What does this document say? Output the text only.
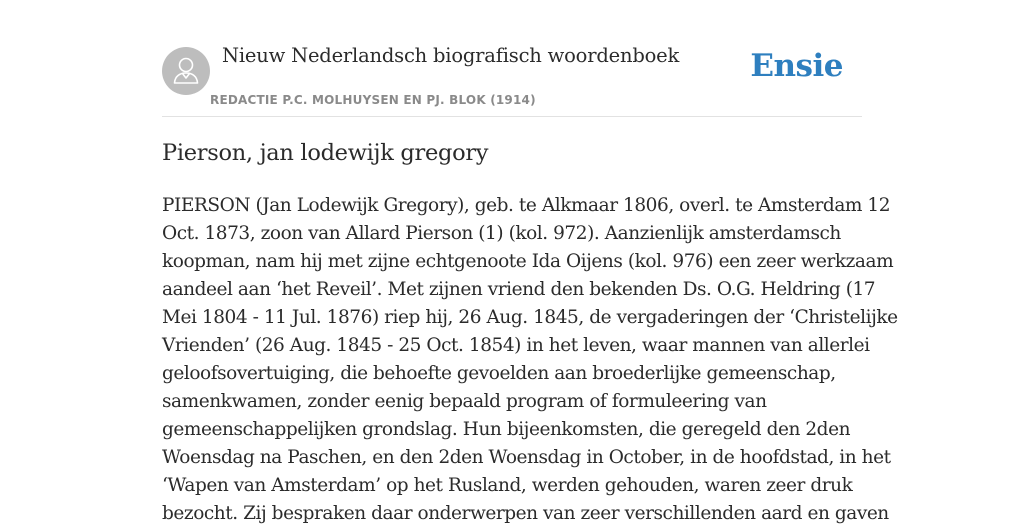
Nieuw Nederlandsch biografisch woordenboek
REDACTIE P.C. MOLHUYSEN EN PJ. BLOK (1914)
Ensie
Pierson, jan lodewijk gregory
PIERSON (Jan Lodewijk Gregory), geb. te Alkmaar 1806, overl. te Amsterdam 12
Oct. 1873, zoon van Allard Pierson (1) (kol. 972). Aanzienlijk amsterdamsch
koopman, nam hij met zijne echtgenoote Ida Oijens (kol. 976) een zeer werkzaam
aandeel aan ‘het Reveil’. Met zijnen vriend den bekenden Ds. O.G. Heldring (17
Mei 1804 - 11 Jul. 1876) riep hij, 26 Aug. 1845, de vergaderingen der ‘Christelijke
Vrienden’ (26 Aug. 1845 - 25 Oct. 1854) in het leven, waar mannen van allerlei
geloofsovertuiging, die behoefte gevoelden aan broederlijke gemeenschap,
samenkwamen, zonder eenig bepaald program of formuleering van
gemeenschappelijken grondslag. Hun bijeenkomsten, die geregeld den 2den
Woensdag na Paschen, en den 2den Woensdag in October, in de hoofdstad, in het
‘Wapen van Amsterdam’ op het Rusland, werden gehouden, waren zeer druk
bezocht. Zij bespraken daar onderwerpen van zeer verschillenden aard en gaven
